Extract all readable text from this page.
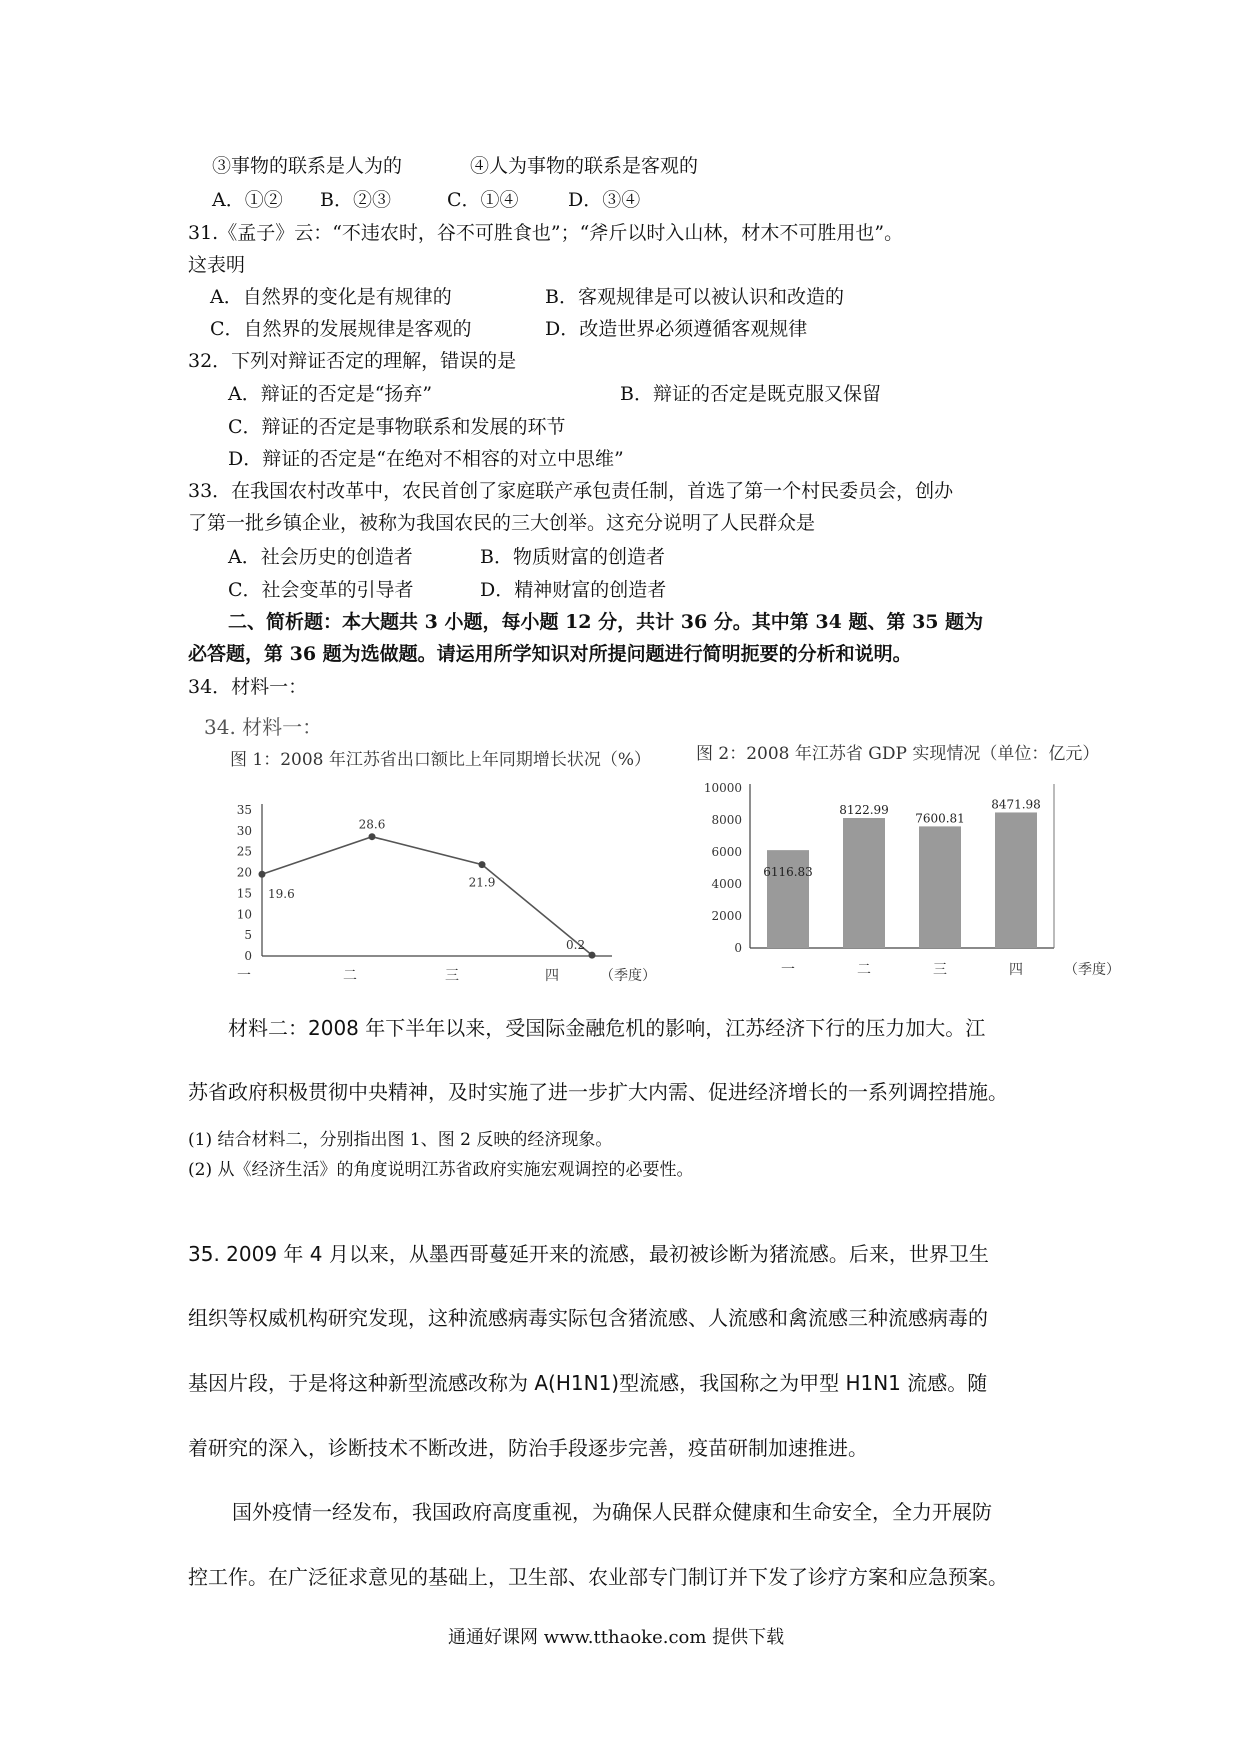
③事物的联系是人为的	④人为事物的联系是客观的
A．①② B．②③	C．①④	D．③④
31.《孟子》云：“不违农时，谷不可胜食也”；“斧斤以时入山林，材木不可胜用也”。
这表明
A．自然界的变化是有规律的	B．客观规律是可以被认识和改造的
C．自然界的发展规律是客观的	D．改造世界必须遵循客观规律
32．下列对辩证否定的理解，错误的是
A．辩证的否定是“扬弃”	B．辩证的否定是既克服又保留
C．辩证的否定是事物联系和发展的环节
D．辩证的否定是“在绝对不相容的对立中思维”
33．在我国农村改革中，农民首创了家庭联产承包责任制，首选了第一个村民委员会，创办
了第一批乡镇企业，被称为我国农民的三大创举。这充分说明了人民群众是
A．社会历史的创造者	B．物质财富的创造者
C．社会变革的引导者	D．精神财富的创造者
二、简析题：本大题共 3 小题，每小题 12 分，共计 36 分。其中第 34 题、第 35 题为
必答题，第 36 题为选做题。请运用所学知识对所提问题进行简明扼要的分析和说明。
34．材料一：
34. 材料一：
图 1：2008 年江苏省出口额比上年同期增长状况（%）
0
5
10
15
20
25
30
35
19.6
28.6
21.9
0.2
一	二	三	四	（季度）
图 2：2008 年江苏省 GDP 实现情况（单位：亿元）
0
2000
4000
6000
8000
10000
6116.83
一
8122.99
二
7600.81
三
8471.98
四	（季度）
材料二：2008 年下半年以来，受国际金融危机的影响，江苏经济下行的压力加大。江
苏省政府积极贯彻中央精神，及时实施了进一步扩大内需、促进经济增长的一系列调控措施。
(1) 结合材料二，分别指出图 1、图 2 反映的经济现象。
(2) 从《经济生活》的角度说明江苏省政府实施宏观调控的必要性。
35. 2009 年 4 月以来，从墨西哥蔓延开来的流感，最初被诊断为猪流感。后来，世界卫生
组织等权威机构研究发现，这种流感病毒实际包含猪流感、人流感和禽流感三种流感病毒的
基因片段，于是将这种新型流感改称为 A(H1N1)型流感，我国称之为甲型 H1N1 流感。随
着研究的深入，诊断技术不断改进，防治手段逐步完善，疫苗研制加速推进。
国外疫情一经发布，我国政府高度重视，为确保人民群众健康和生命安全，全力开展防
控工作。在广泛征求意见的基础上，卫生部、农业部专门制订并下发了诊疗方案和应急预案。
通通好课网 www.tthaoke.com 提供下载
